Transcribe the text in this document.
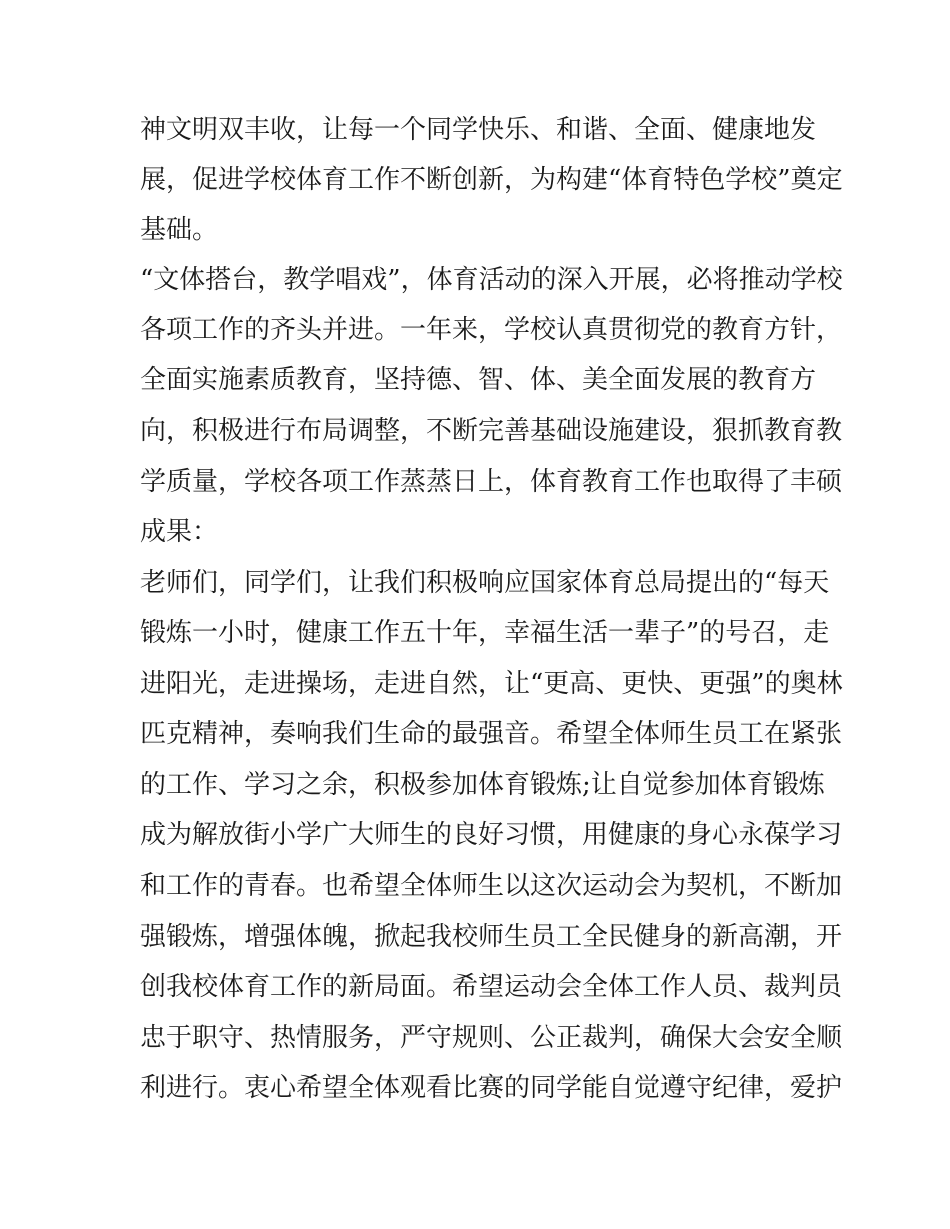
神文明双丰收，让每一个同学快乐、和谐、全面、健康地发

展，促进学校体育工作不断创新，为构建“体育特色学校”奠定

基础。

“文体搭台，教学唱戏”，体育活动的深入开展，必将推动学校

各项工作的齐头并进。一年来，学校认真贯彻党的教育方针，

全面实施素质教育，坚持德、智、体、美全面发展的教育方

向，积极进行布局调整，不断完善基础设施建设，狠抓教育教

学质量，学校各项工作蒸蒸日上，体育教育工作也取得了丰硕

成果：

老师们，同学们，让我们积极响应国家体育总局提出的“每天

锻炼一小时，健康工作五十年，幸福生活一辈子”的号召，走

进阳光，走进操场，走进自然，让“更高、更快、更强”的奥林

匹克精神，奏响我们生命的最强音。希望全体师生员工在紧张

的工作、学习之余，积极参加体育锻炼;让自觉参加体育锻炼

成为解放街小学广大师生的良好习惯，用健康的身心永葆学习

和工作的青春。也希望全体师生以这次运动会为契机，不断加

强锻炼，增强体魄，掀起我校师生员工全民健身的新高潮，开

创我校体育工作的新局面。希望运动会全体工作人员、裁判员

忠于职守、热情服务，严守规则、公正裁判，确保大会安全顺

利进行。衷心希望全体观看比赛的同学能自觉遵守纪律，爱护
